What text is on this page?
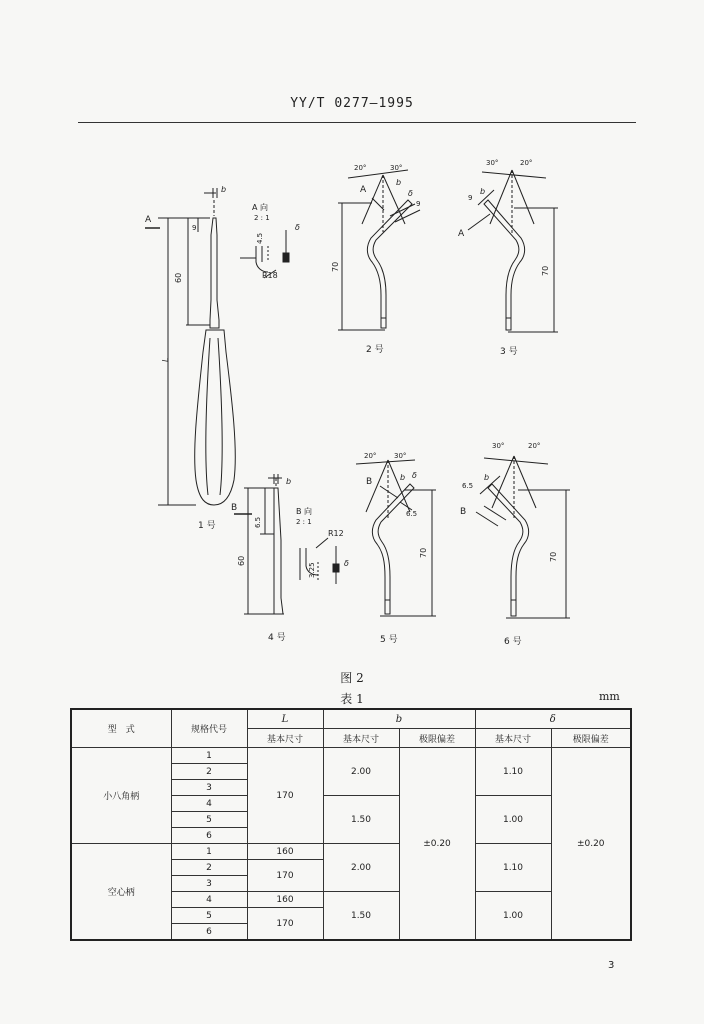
YY/T 0277—1995
b
A
9
60
L
A 向
2 : 1
4.5
δ
R18
1 号
20°	30°
A
b
9
δ
70
2 号
30°	20°
9
b
A
70
3 号
b
B
6.5
60
B 向
2 : 1
R12
3.25	δ
4 号
20°	30°
δ
B	b
6.5
70
5 号
30°	20°
b
6.5
B
70
6 号
图 2
表 1	mm
型　式	规格代号	L	b		δ	
		基本尺寸	基本尺寸	极限偏差	基本尺寸	极限偏差
小八角柄	1	170	2.00	±0.20	1.10	±0.20
	2					
	3					
	4		1.50		1.00	
	5					
	6					
空心柄	1	160	2.00		1.10	
	2	170				
	3					
	4	160	1.50		1.00	
	5	170				
	6					
3
